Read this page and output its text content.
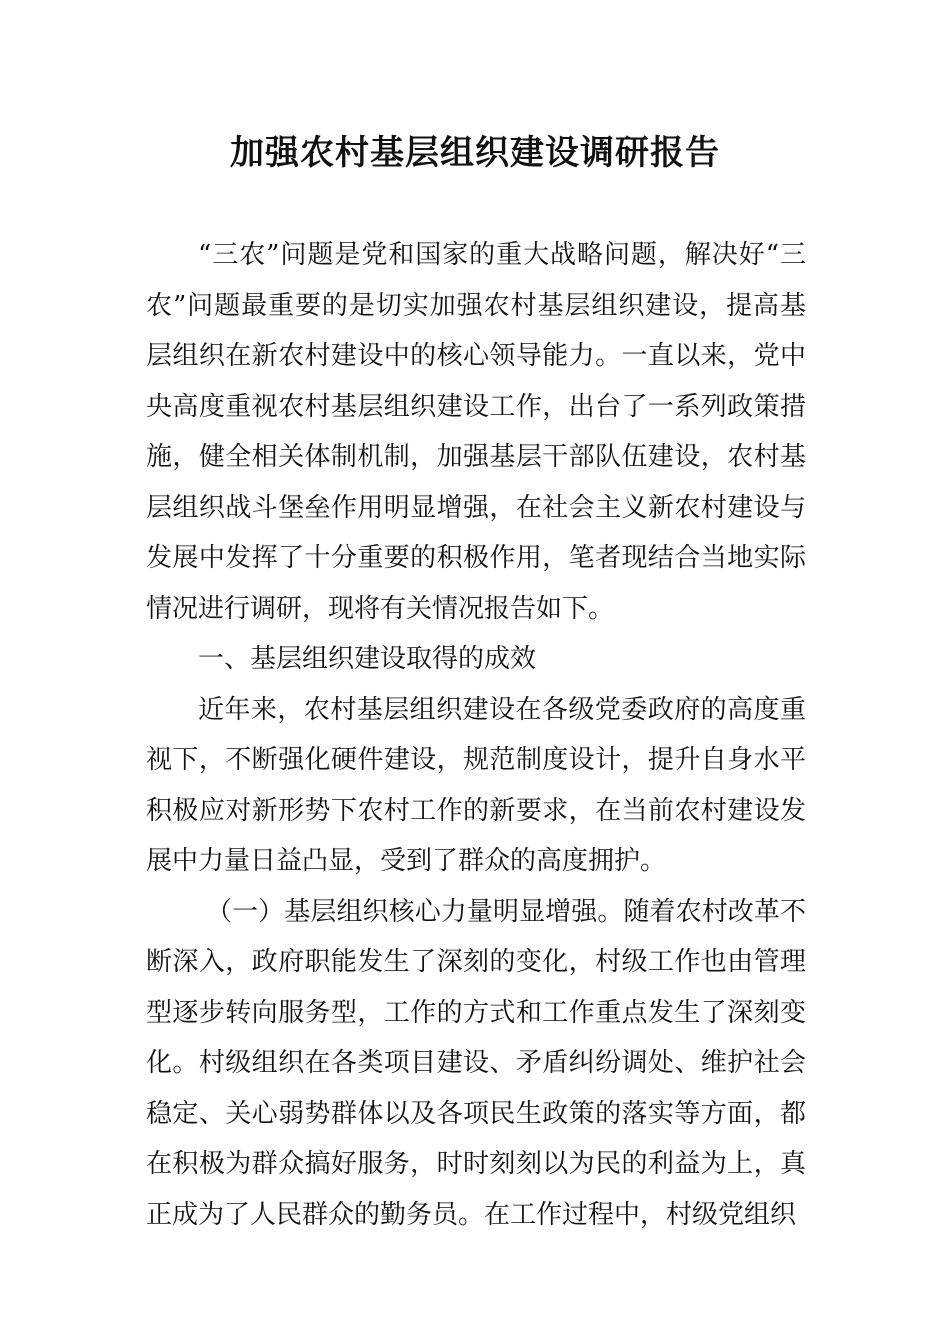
加强农村基层组织建设调研报告

“三农”问题是党和国家的重大战略问题，解决好“三农”问题最重要的是切实加强农村基层组织建设，提高基层组织在新农村建设中的核心领导能力。一直以来，党中央高度重视农村基层组织建设工作，出台了一系列政策措施，健全相关体制机制，加强基层干部队伍建设，农村基层组织战斗堡垒作用明显增强，在社会主义新农村建设与发展中发挥了十分重要的积极作用，笔者现结合当地实际情况进行调研，现将有关情况报告如下。

一、基层组织建设取得的成效

近年来，农村基层组织建设在各级党委政府的高度重视下，不断强化硬件建设，规范制度设计，提升自身水平积极应对新形势下农村工作的新要求，在当前农村建设发展中力量日益凸显，受到了群众的高度拥护。

（一）基层组织核心力量明显增强。随着农村改革不断深入，政府职能发生了深刻的变化，村级工作也由管理型逐步转向服务型，工作的方式和工作重点发生了深刻变化。村级组织在各类项目建设、矛盾纠纷调处、维护社会稳定、关心弱势群体以及各项民生政策的落实等方面，都在积极为群众搞好服务，时时刻刻以为民的利益为上，真正成为了人民群众的勤务员。在工作过程中，村级党组织
